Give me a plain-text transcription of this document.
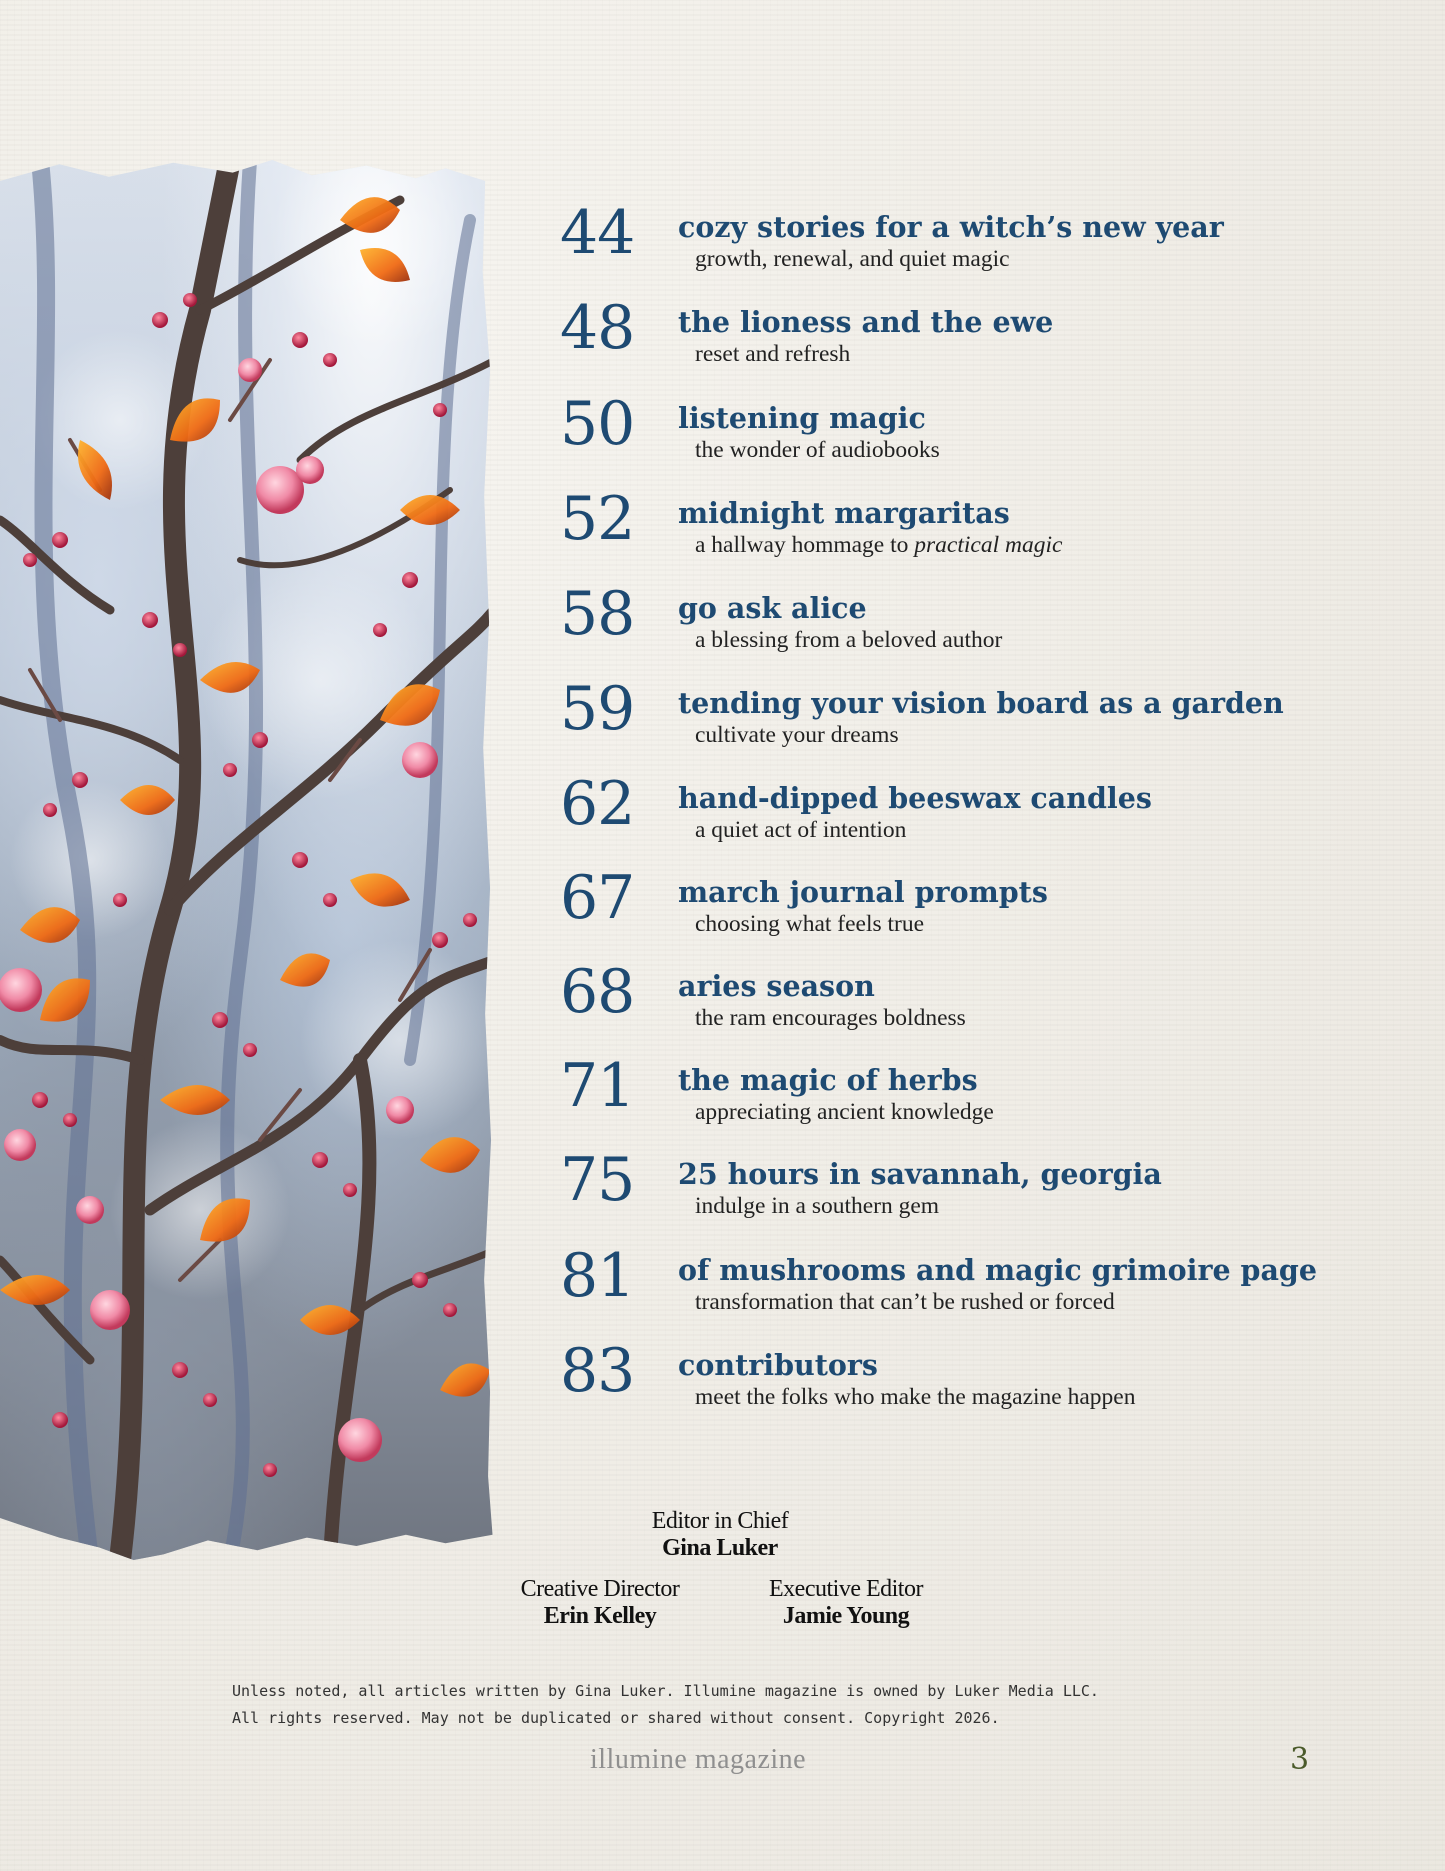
44	cozy stories for a witch’s new year
growth, renewal, and quiet magic
48	the lioness and the ewe
reset and refresh
50	listening magic
the wonder of audiobooks
52	midnight margaritas
a hallway hommage to practical magic
58	go ask alice
a blessing from a beloved author
59	tending your vision board as a garden
cultivate your dreams
62	hand-dipped beeswax candles
a quiet act of intention
67	march journal prompts
choosing what feels true
68	aries season
the ram encourages boldness
71	the magic of herbs
appreciating ancient knowledge
75	25 hours in savannah, georgia
indulge in a southern gem
81	of mushrooms and magic grimoire page
transformation that can’t be rushed or forced
83	contributors
meet the folks who make the magazine happen
Editor in Chief
Gina Luker
Creative Director
Erin Kelley
Executive Editor
Jamie Young
Unless noted, all articles written by Gina Luker. Illumine magazine is owned by Luker Media LLC.
All rights reserved. May not be duplicated or shared without consent. Copyright 2026.
illumine magazine	3
